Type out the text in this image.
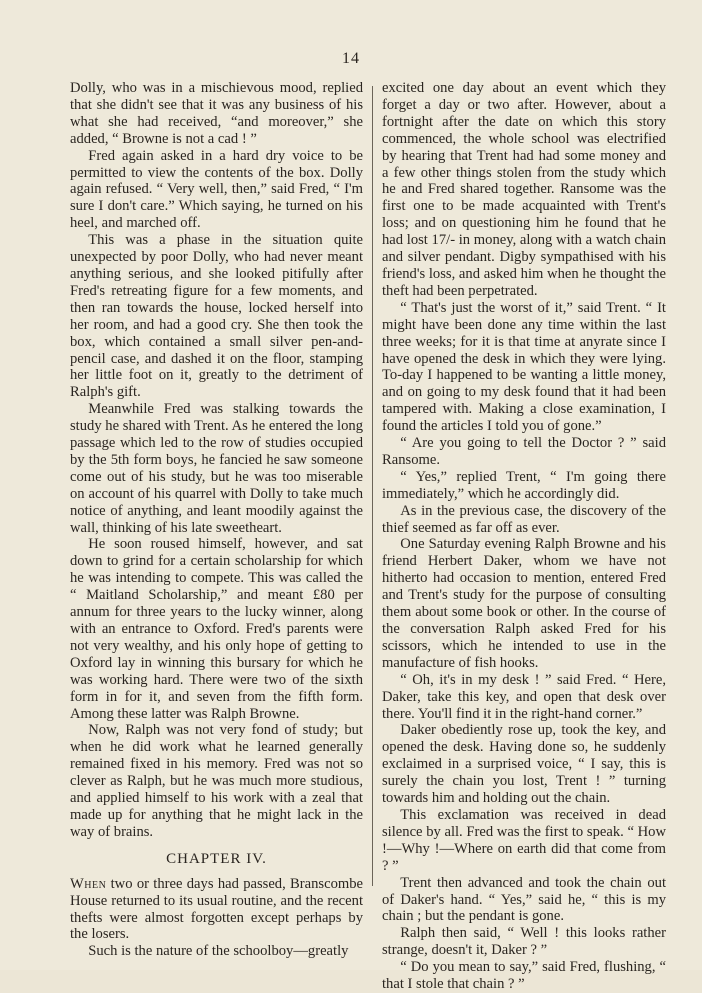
14

Dolly, who was in a mischievous mood, replied that she didn't see that it was any business of his what she had received, “and moreover,” she added, “ Browne is not a cad ! ”

Fred again asked in a hard dry voice to be permitted to view the contents of the box. Dolly again refused. “ Very well, then,” said Fred, “ I'm sure I don't care.” Which saying, he turned on his heel, and marched off.

This was a phase in the situation quite unexpected by poor Dolly, who had never meant anything serious, and she looked pitifully after Fred's retreating figure for a few moments, and then ran towards the house, locked herself into her room, and had a good cry. She then took the box, which contained a small silver pen-and-pencil case, and dashed it on the floor, stamping her little foot on it, greatly to the detriment of Ralph's gift.

Meanwhile Fred was stalking towards the study he shared with Trent. As he entered the long passage which led to the row of studies occupied by the 5th form boys, he fancied he saw someone come out of his study, but he was too miserable on account of his quarrel with Dolly to take much notice of anything, and leant moodily against the wall, thinking of his late sweetheart.

He soon roused himself, however, and sat down to grind for a certain scholarship for which he was intending to compete. This was called the “ Maitland Scholarship,” and meant £80 per annum for three years to the lucky winner, along with an entrance to Oxford. Fred's parents were not very wealthy, and his only hope of getting to Oxford lay in winning this bursary for which he was working hard. There were two of the sixth form in for it, and seven from the fifth form. Among these latter was Ralph Browne.

Now, Ralph was not very fond of study; but when he did work what he learned generally remained fixed in his memory. Fred was not so clever as Ralph, but he was much more studious, and applied himself to his work with a zeal that made up for anything that he might lack in the way of brains.

CHAPTER IV.

When two or three days had passed, Branscombe House returned to its usual routine, and the recent thefts were almost forgotten except perhaps by the losers.

Such is the nature of the schoolboy—greatly

excited one day about an event which they forget a day or two after. However, about a fortnight after the date on which this story commenced, the whole school was electrified by hearing that Trent had had some money and a few other things stolen from the study which he and Fred shared together. Ransome was the first one to be made acquainted with Trent's loss; and on questioning him he found that he had lost 17/- in money, along with a watch chain and silver pendant. Digby sympathised with his friend's loss, and asked him when he thought the theft had been perpetrated.

“ That's just the worst of it,” said Trent. “ It might have been done any time within the last three weeks; for it is that time at anyrate since I have opened the desk in which they were lying. To-day I happened to be wanting a little money, and on going to my desk found that it had been tampered with. Making a close examination, I found the articles I told you of gone.”

“ Are you going to tell the Doctor ? ” said Ransome.

“ Yes,” replied Trent, “ I'm going there immediately,” which he accordingly did.

As in the previous case, the discovery of the thief seemed as far off as ever.

One Saturday evening Ralph Browne and his friend Herbert Daker, whom we have not hitherto had occasion to mention, entered Fred and Trent's study for the purpose of consulting them about some book or other. In the course of the conversation Ralph asked Fred for his scissors, which he intended to use in the manufacture of fish hooks.

“ Oh, it's in my desk ! ” said Fred. “ Here, Daker, take this key, and open that desk over there. You'll find it in the right-hand corner.”

Daker obediently rose up, took the key, and opened the desk. Having done so, he suddenly exclaimed in a surprised voice, “ I say, this is surely the chain you lost, Trent ! ” turning towards him and holding out the chain.

This exclamation was received in dead silence by all. Fred was the first to speak. “ How !—Why !—Where on earth did that come from ? ”

Trent then advanced and took the chain out of Daker's hand. “ Yes,” said he, “ this is my chain ; but the pendant is gone.

Ralph then said, “ Well ! this looks rather strange, doesn't it, Daker ? ”

“ Do you mean to say,” said Fred, flushing, “ that I stole that chain ? ”
